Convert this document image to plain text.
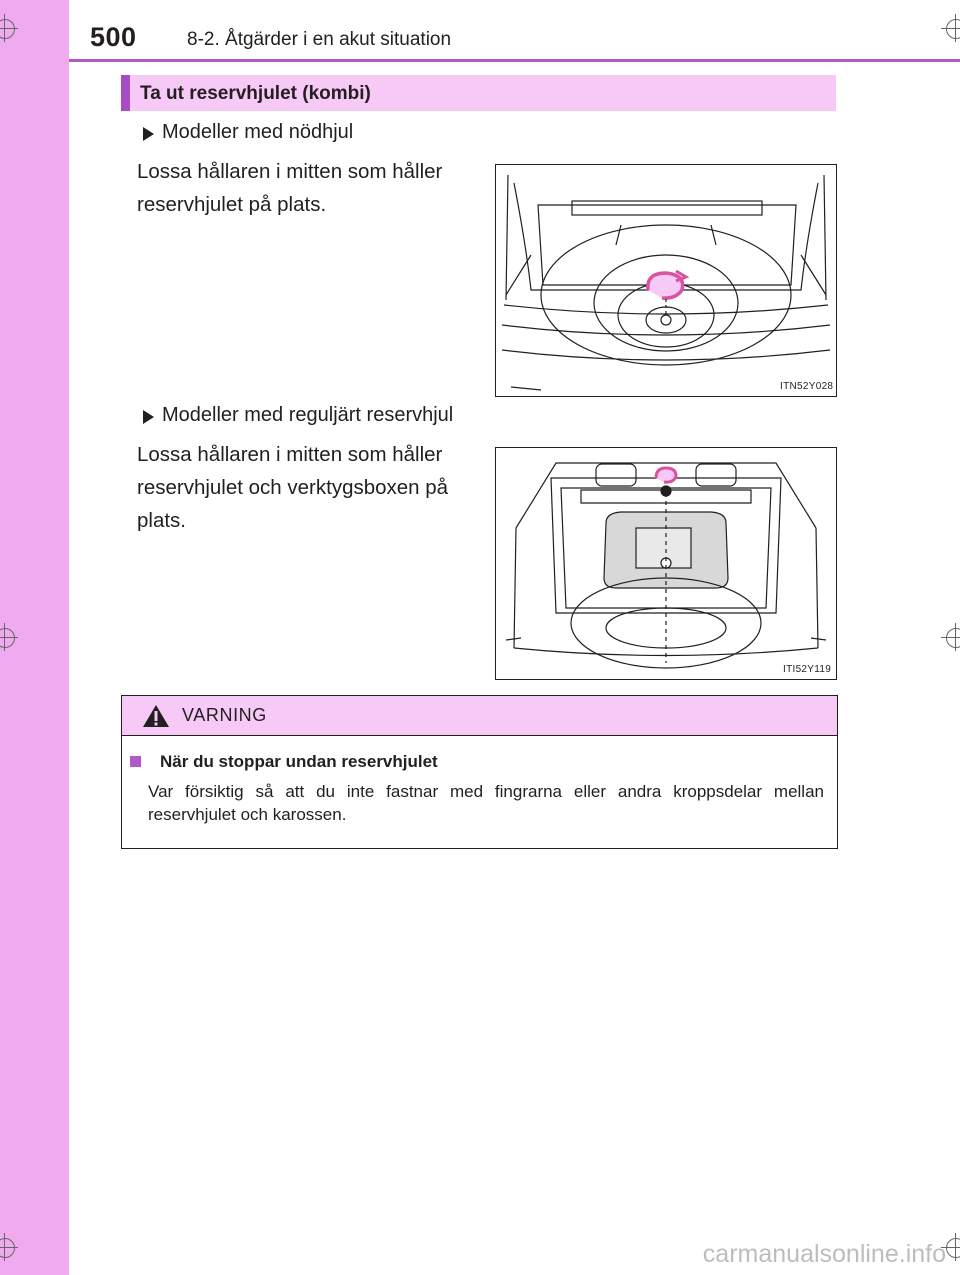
500	8-2. Åtgärder i en akut situation
Ta ut reservhjulet (kombi)
Modeller med nödhjul
Lossa hållaren i mitten som håller
reservhjulet på plats.
ITN52Y028
Modeller med reguljärt reservhjul
Lossa hållaren i mitten som håller
reservhjulet och verktygsboxen på
plats.
ITI52Y119
VARNING
När du stoppar undan reservhjulet
Var försiktig så att du inte fastnar med fingrarna eller andra kroppsdelar mellan reservhjulet och karossen.
carmanualsonline.info
